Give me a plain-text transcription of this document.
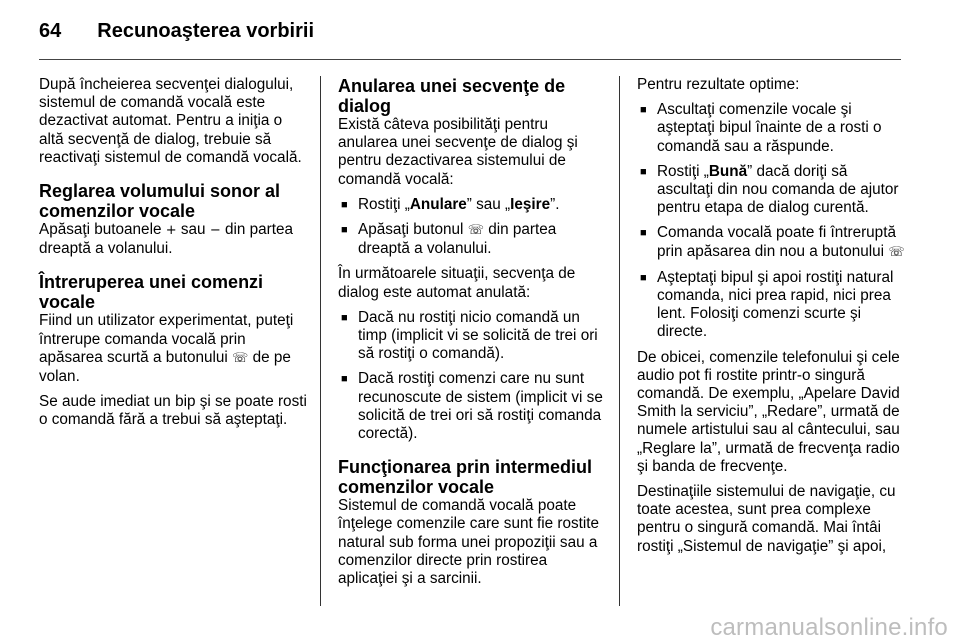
64 Recunoaşterea vorbirii

După încheierea secvenţei dialogului, sistemul de comandă vocală este dezactivat automat. Pentru a iniţia o altă secvenţă de dialog, trebuie să reactivaţi sistemul de comandă vocală.

Reglarea volumului sonor al comenzilor vocale

Apăsaţi butoanele + sau − din partea dreaptă a volanului.

Întreruperea unei comenzi vocale

Fiind un utilizator experimentat, puteţi întrerupe comanda vocală prin apăsarea scurtă a butonului ☏ de pe volan.

Se aude imediat un bip şi se poate rosti o comandă fără a trebui să aşteptaţi.

Anularea unei secvenţe de dialog

Există câteva posibilităţi pentru anularea unei secvenţe de dialog şi pentru dezactivarea sistemului de comandă vocală:

■ Rostiţi „Anulare” sau „Ieşire”.
■ Apăsaţi butonul ☏ din partea dreaptă a volanului.

În următoarele situaţii, secvenţa de dialog este automat anulată:

■ Dacă nu rostiţi nicio comandă un timp (implicit vi se solicită de trei ori să rostiţi o comandă).
■ Dacă rostiţi comenzi care nu sunt recunoscute de sistem (implicit vi se solicită de trei ori să rostiţi comanda corectă).
Funcţionarea prin intermediul comenzilor vocale

Sistemul de comandă vocală poate înţelege comenzile care sunt fie rostite natural sub forma unei propoziţii sau a comenzilor directe prin rostirea aplicaţiei şi a sarcinii.

Pentru rezultate optime:

■ Ascultaţi comenzile vocale şi aşteptaţi bipul înainte de a rosti o comandă sau a răspunde.
■ Rostiţi „Bună” dacă doriţi să ascultaţi din nou comanda de ajutor pentru etapa de dialog curentă.
■ Comanda vocală poate fi întreruptă prin apăsarea din nou a butonului ☏
■ Aşteptaţi bipul şi apoi rostiţi natural comanda, nici prea rapid, nici prea lent. Folosiţi comenzi scurte şi directe.

De obicei, comenzile telefonului şi cele audio pot fi rostite printr-o singură comandă. De exemplu, „Apelare David Smith la serviciu”, „Redare”, urmată de numele artistului sau al cântecului, sau „Reglare la”, urmată de frecvenţa radio şi banda de frecvenţe.

Destinaţiile sistemului de navigaţie, cu toate acestea, sunt prea complexe pentru o singură comandă. Mai întâi rostiţi „Sistemul de navigaţie” şi apoi,

carmanualsonline.info
